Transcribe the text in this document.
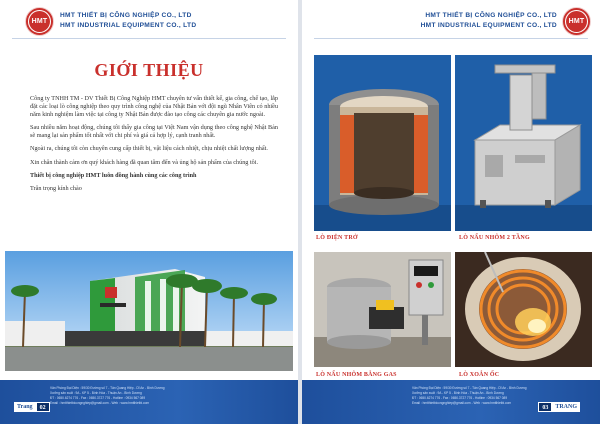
HMT
HMT THIẾT BỊ CÔNG NGHIỆP CO., LTD
HMT INDUSTRIAL EQUIPMENT CO., LTD
GIỚI THIỆU

Công ty TNHH TM - DV Thiết Bị Công Nghiệp HMT chuyên tư vấn thiết kế, gia công, chế tạo, lắp đặt các loại lò công nghiệp theo quy trình công nghệ của Nhật Bản với đội ngũ Nhân Viên có nhiều năm kinh nghiệm làm việc tại công ty Nhật Bản được đào tạo công các chuyên gia nước ngoài.

Sau nhiều năm hoạt động, chúng tôi thấy gia công tại Việt Nam vận dụng theo công nghệ Nhật Bản sẽ mang lại sản phẩm tốt nhất với chi phí và giá cả hợp lý, cạnh tranh nhất.

Ngoài ra, chúng tôi còn chuyên cung cấp thiết bị, vật liệu cách nhiệt, chịu nhiệt chất lượng nhất.

Xin chân thành cảm ơn quý khách hàng đã quan tâm đến và ủng hộ sản phẩm của chúng tôi.

Thiết bị công nghiệp HMT luôn đồng hành cùng các công trình

Trân trọng kính chào

Văn Phòng Đại Diện : 59/30 Đường số 7 - Tân Quang Hiệp - Dĩ An - Bình Dương
Xưởng sản xuất : 9A - KP 5 - Bình Hòa - Thuận An - Bình Dương
ĐT : 0650.6274 776 - Fax : 0650.3727 776 - Hotline : 0934 567 089
Email : hmtthietbicongnghiep@gmail.com - Web : www.hmtthietbi.com
Trang	02
HMT THIẾT BỊ CÔNG NGHIỆP CO., LTD
HMT INDUSTRIAL EQUIPMENT CO., LTD
HMT
LÒ ĐIỆN TRỞ	LÒ NẤU NHÔM 2 TẦNG
LÒ NẤU NHÔM BẰNG GAS	LÒ XOẮN ỐC
Văn Phòng Đại Diện : 59/30 Đường số 7 - Tân Quang Hiệp - Dĩ An - Bình Dương
Xưởng sản xuất : 9A - KP 5 - Bình Hòa - Thuận An - Bình Dương
ĐT : 0650.6274 776 - Fax : 0650.3727 776 - Hotline : 0934 567 089
Email : hmtthietbicongnghiep@gmail.com - Web : www.hmtthietbi.com
03	TRANG
